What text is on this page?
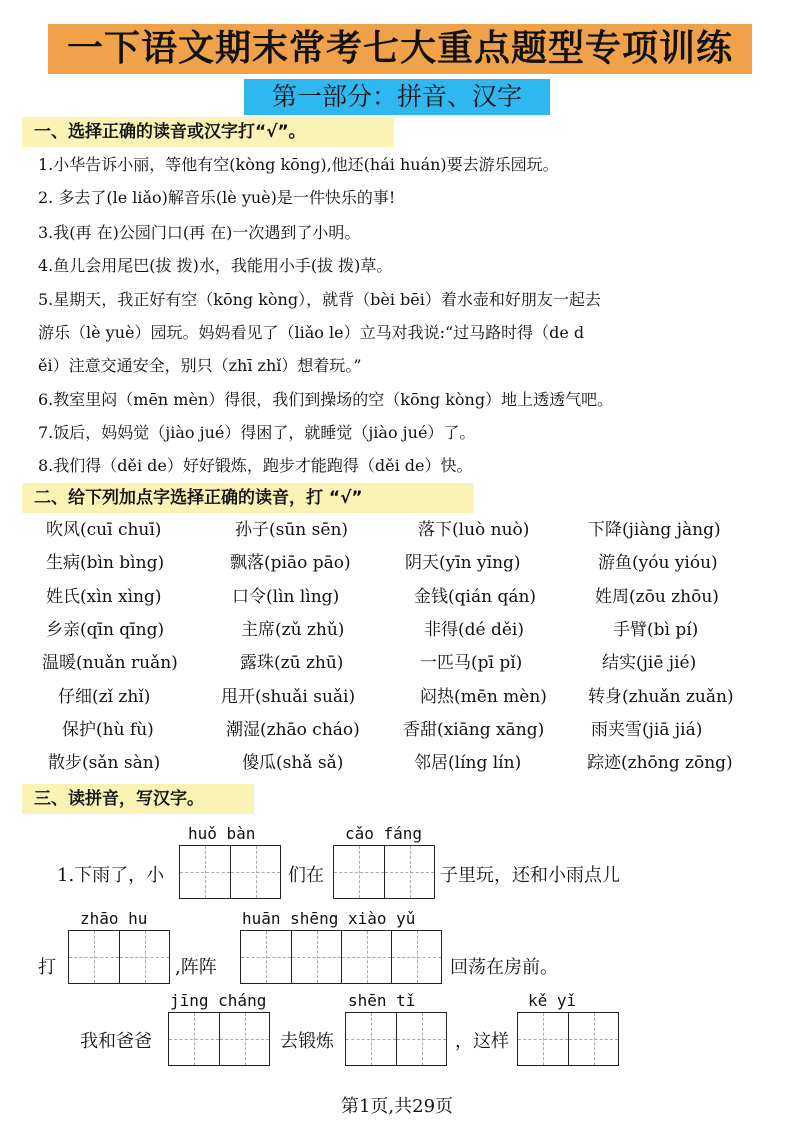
一下语文期末常考七大重点题型专项训练
第一部分：拼音、汉字
一、选择正确的读音或汉字打“√”。
1.小华告诉小丽，等他有空(kòng kōng),他还(hái huán)要去游乐园玩。
2. 多去了(le liǎo)解音乐(lè yuè)是一件快乐的事!
3.我(再 在)公园门口(再 在)一次遇到了小明。
4.鱼儿会用尾巴(拔 拨)水，我能用小手(拔 拨)草。
5.星期天，我正好有空（kōng kòng），就背（bèi bēi）着水壶和好朋友一起去
游乐（lè yuè）园玩。妈妈看见了（liǎo le）立马对我说:“过马路时得（de d
ěi）注意交通安全，别只（zhī zhǐ）想着玩。”
6.教室里闷（mēn mèn）得很，我们到操场的空（kōng kòng）地上透透气吧。
7.饭后，妈妈觉（jiào jué）得困了，就睡觉（jiào jué）了。
8.我们得（děi de）好好锻炼，跑步才能跑得（děi de）快。
二、给下列加点字选择正确的读音，打 “√”
吹风(cuī chuī)	孙子(sūn sēn)	落下(luò nuò)	下降(jiàng jàng)
生病(bìn bìng)	飘落(piāo pāo)	阴天(yīn yīng)	游鱼(yóu yióu)
姓氏(xìn xìng)	口令(lìn lìng)	金钱(qián qán)	姓周(zōu zhōu)
乡亲(qīn qīng)	主席(zǔ zhǔ)	非得(dé děi)	手臂(bì pí)
温暖(nuǎn ruǎn)	露珠(zū zhū)	一匹马(pī pǐ)	结实(jiē jié)
仔细(zǐ zhǐ)	甩开(shuǎi suǎi)	闷热(mēn mèn) 转身(zhuǎn zuǎn)
保护(hù fù)	潮湿(zhāo cháo)	香甜(xiāng xāng)	雨夹雪(jiā jiá)
散步(sǎn sàn)	傻瓜(shǎ sǎ)	邻居(líng lín)	踪迹(zhōng zōng)
三、读拼音，写汉字。
huǒ bàn	cǎo fáng
1.下雨了，小	们在	子里玩，还和小雨点儿
zhāo hu	huān shēng xiào yǔ
打	,阵阵	回荡在房前。
jīng cháng	shēn tǐ	kě yǐ
我和爸爸	去锻炼	，这样
第1页,共29页
